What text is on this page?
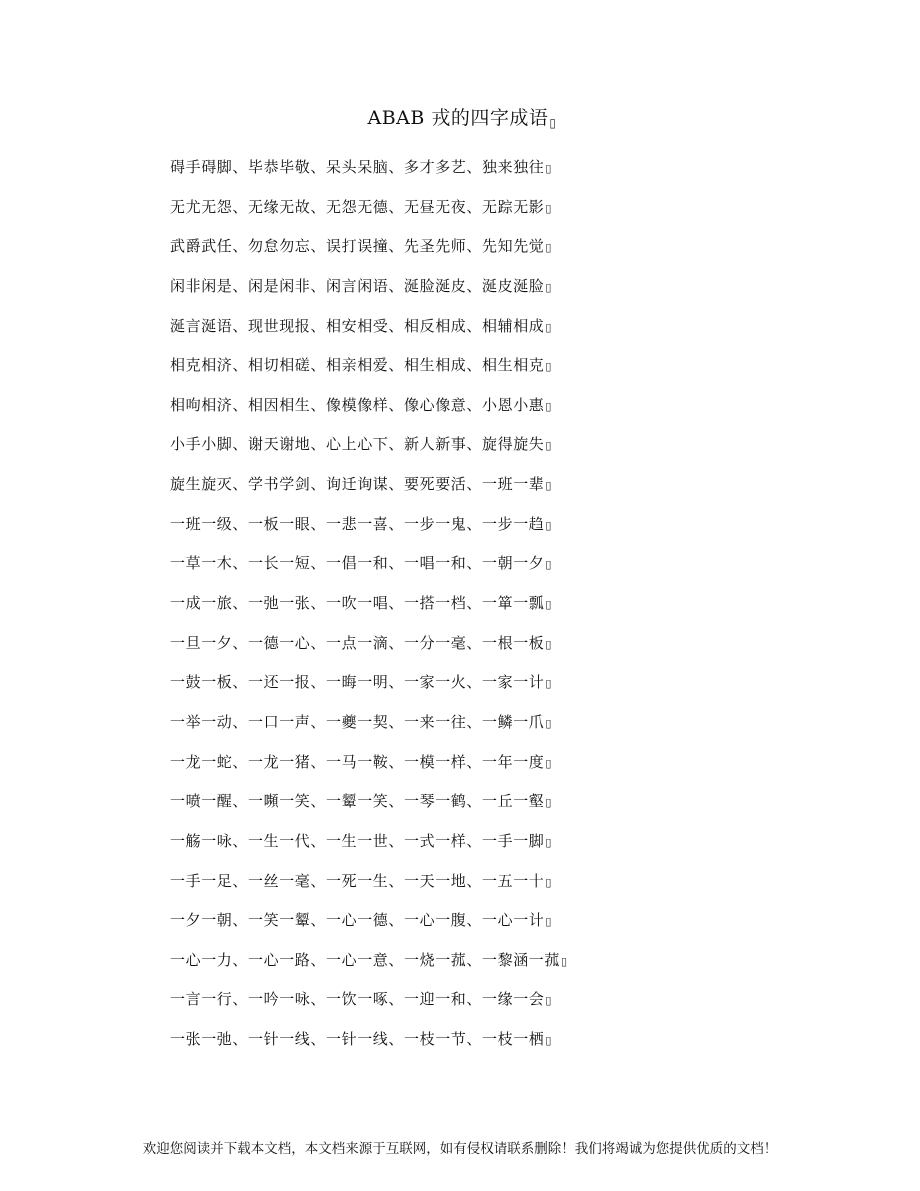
ABAB 戎的四字成语▯
碍手碍脚、毕恭毕敬、呆头呆脑、多才多艺、独来独往▯
无尤无怨、无缘无故、无怨无德、无昼无夜、无踪无影▯
武爵武任、勿怠勿忘、误打误撞、先圣先师、先知先觉▯
闲非闲是、闲是闲非、闲言闲语、涎脸涎皮、涎皮涎脸▯
涎言涎语、现世现报、相安相受、相反相成、相辅相成▯
相克相济、相切相磋、相亲相爱、相生相成、相生相克▯
相呴相济、相因相生、像模像样、像心像意、小恩小惠▯
小手小脚、谢天谢地、心上心下、新人新事、旋得旋失▯
旋生旋灭、学书学剑、询迁询谋、要死要活、一班一辈▯
一班一级、一板一眼、一悲一喜、一步一鬼、一步一趋▯
一草一木、一长一短、一倡一和、一唱一和、一朝一夕▯
一成一旅、一弛一张、一吹一唱、一搭一档、一箪一瓢▯
一旦一夕、一德一心、一点一滴、一分一毫、一根一板▯
一鼓一板、一还一报、一晦一明、一家一火、一家一计▯
一举一动、一口一声、一夔一契、一来一往、一鳞一爪▯
一龙一蛇、一龙一猪、一马一鞍、一模一样、一年一度▯
一喷一醒、一嚬一笑、一颦一笑、一琴一鹤、一丘一壑▯
一觞一咏、一生一代、一生一世、一式一样、一手一脚▯
一手一足、一丝一毫、一死一生、一天一地、一五一十▯
一夕一朝、一笑一颦、一心一德、一心一腹、一心一计▯
一心一力、一心一路、一心一意、一烧一菰、一黎涵一菰▯
一言一行、一吟一咏、一饮一啄、一迎一和、一缘一会▯
一张一弛、一针一线、一针一线、一枝一节、一枝一栖▯
欢迎您阅读并下载本文档，本文档来源于互联网，如有侵权请联系删除！我们将竭诚为您提供优质的文档！
